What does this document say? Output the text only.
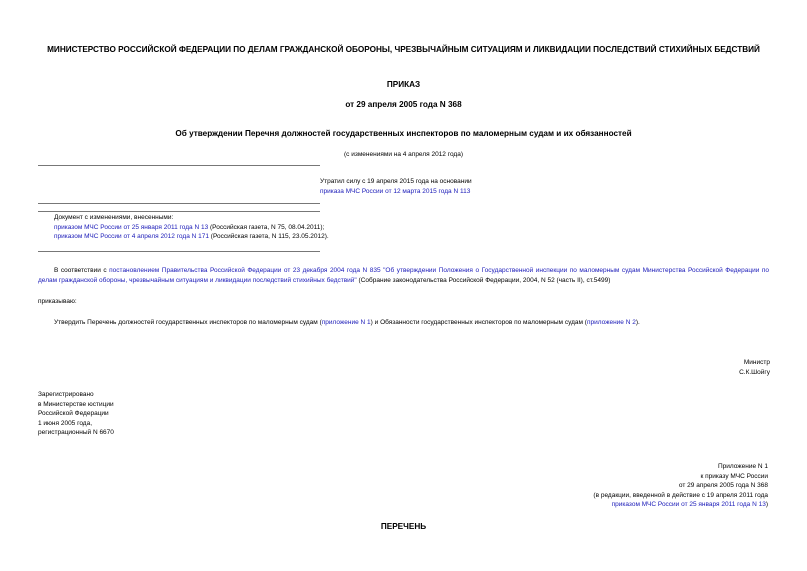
МИНИСТЕРСТВО РОССИЙСКОЙ ФЕДЕРАЦИИ ПО ДЕЛАМ ГРАЖДАНСКОЙ ОБОРОНЫ, ЧРЕЗВЫЧАЙНЫМ СИТУАЦИЯМ И ЛИКВИДАЦИИ ПОСЛЕДСТВИЙ СТИХИЙНЫХ БЕДСТВИЙ
ПРИКАЗ
от 29 апреля 2005 года N 368
Об утверждении Перечня должностей государственных инспекторов по маломерным судам и их обязанностей
(с изменениями на 4 апреля 2012 года)
Утратил силу с 19 апреля 2015 года на основании
приказа МЧС России от 12 марта 2015 года N 113
Документ с изменениями, внесенными:
приказом МЧС России от 25 января 2011 года N 13 (Российская газета, N 75, 08.04.2011);
приказом МЧС России от 4 апреля 2012 года N 171 (Российская газета, N 115, 23.05.2012).
В соответствии с постановлением Правительства Российской Федерации от 23 декабря 2004 года N 835 "Об утверждении Положения о Государственной инспекции по маломерным судам Министерства Российской Федерации по делам гражданской обороны, чрезвычайным ситуациям и ликвидации последствий стихийных бедствий" (Собрание законодательства Российской Федерации, 2004, N 52 (часть II), ст.5499)
приказываю:
Утвердить Перечень должностей государственных инспекторов по маломерным судам (приложение N 1) и Обязанности государственных инспекторов по маломерным судам (приложение N 2).
Министр
С.К.Шойгу
Зарегистрировано
в Министерстве юстиции
Российской Федерации
1 июня 2005 года,
регистрационный N 6670
Приложение N 1
к приказу МЧС России
от 29 апреля 2005 года N 368
(в редакции, введенной в действие с 19 апреля 2011 года
приказом МЧС России от 25 января 2011 года N 13)
ПЕРЕЧЕНЬ
